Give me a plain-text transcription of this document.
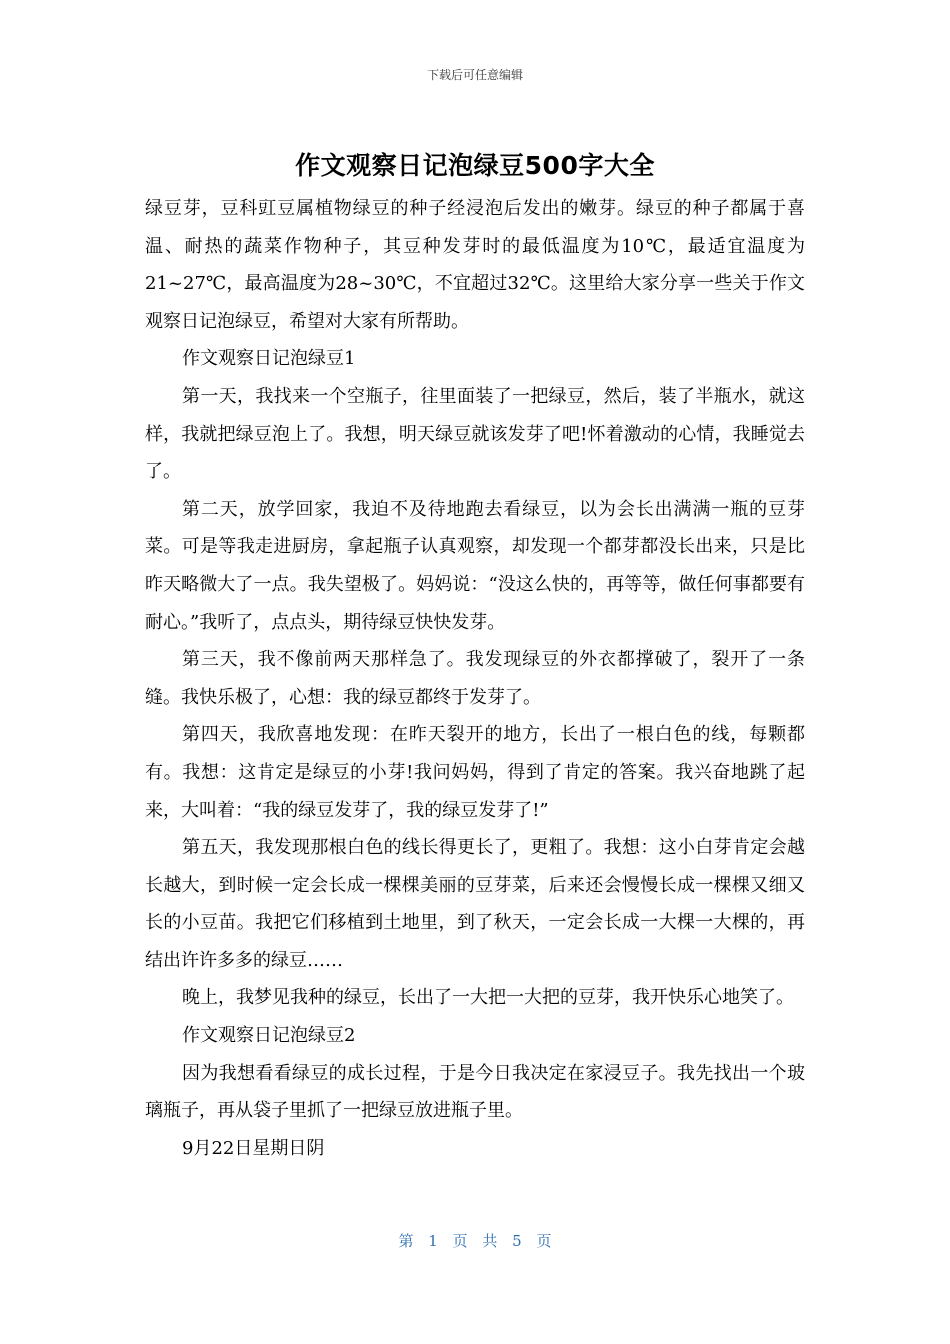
下载后可任意编辑
作文观察日记泡绿豆500字大全

绿豆芽，豆科豇豆属植物绿豆的种子经浸泡后发出的嫩芽。绿豆的种子都属于喜温、耐热的蔬菜作物种子，其豆种发芽时的最低温度为10℃，最适宜温度为21~27℃，最高温度为28~30℃，不宜超过32℃。这里给大家分享一些关于作文观察日记泡绿豆，希望对大家有所帮助。

作文观察日记泡绿豆1

第一天，我找来一个空瓶子，往里面装了一把绿豆，然后，装了半瓶水，就这样，我就把绿豆泡上了。我想，明天绿豆就该发芽了吧!怀着激动的心情，我睡觉去了。

第二天，放学回家，我迫不及待地跑去看绿豆，以为会长出满满一瓶的豆芽菜。可是等我走进厨房，拿起瓶子认真观察，却发现一个都芽都没长出来，只是比昨天略微大了一点。我失望极了。妈妈说：“没这么快的，再等等，做任何事都要有耐心。”我听了，点点头，期待绿豆快快发芽。

第三天，我不像前两天那样急了。我发现绿豆的外衣都撑破了，裂开了一条缝。我快乐极了，心想：我的绿豆都终于发芽了。

第四天，我欣喜地发现：在昨天裂开的地方，长出了一根白色的线，每颗都有。我想：这肯定是绿豆的小芽!我问妈妈，得到了肯定的答案。我兴奋地跳了起来，大叫着：“我的绿豆发芽了，我的绿豆发芽了!”

第五天，我发现那根白色的线长得更长了，更粗了。我想：这小白芽肯定会越长越大，到时候一定会长成一棵棵美丽的豆芽菜，后来还会慢慢长成一棵棵又细又长的小豆苗。我把它们移植到土地里，到了秋天，一定会长成一大棵一大棵的，再结出许许多多的绿豆……

晚上，我梦见我种的绿豆，长出了一大把一大把的豆芽，我开快乐心地笑了。

作文观察日记泡绿豆2

因为我想看看绿豆的成长过程，于是今日我决定在家浸豆子。我先找出一个玻璃瓶子，再从袋子里抓了一把绿豆放进瓶子里。

9月22日星期日阴

第 1 页 共 5 页
